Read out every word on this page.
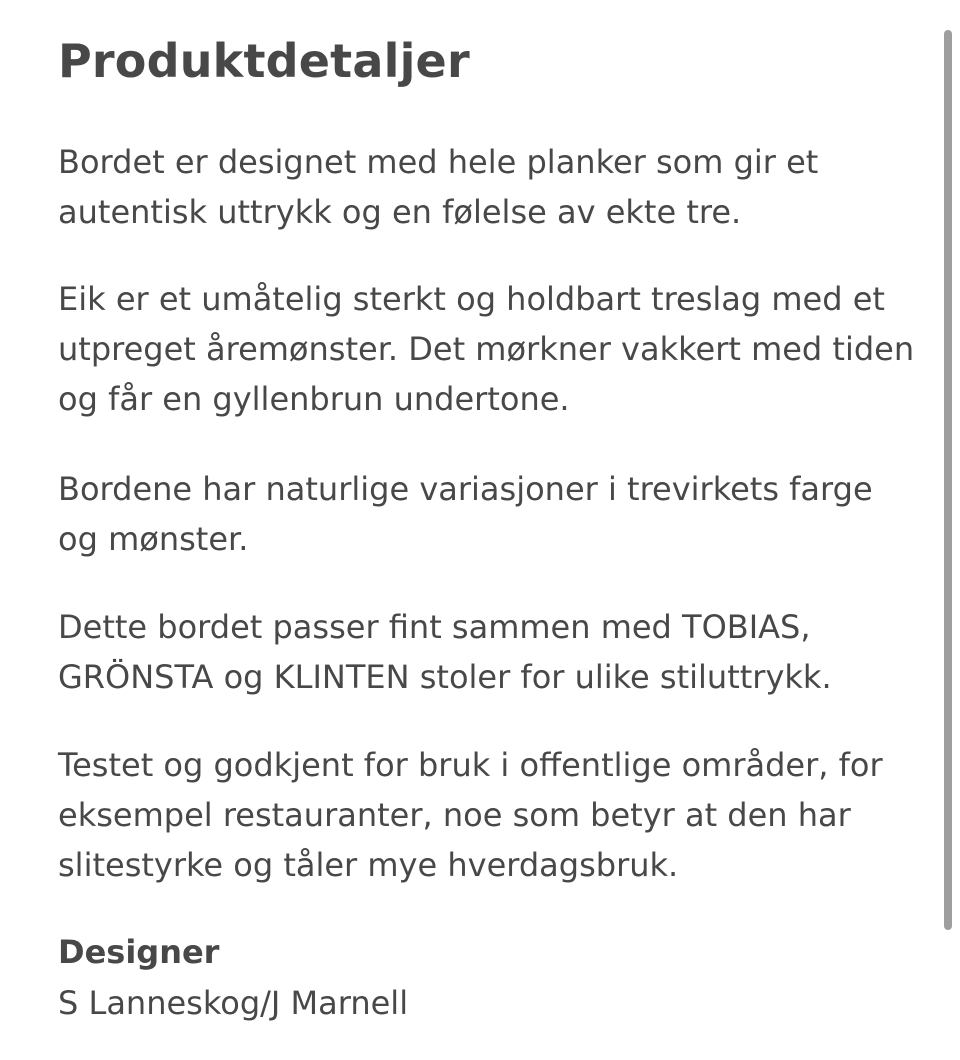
Produktdetaljer

Bordet er designet med hele planker som gir et
autentisk uttrykk og en følelse av ekte tre.

Eik er et umåtelig sterkt og holdbart treslag med et
utpreget åremønster. Det mørkner vakkert med tiden
og får en gyllenbrun undertone.

Bordene har naturlige variasjoner i trevirkets farge
og mønster.

Dette bordet passer fint sammen med TOBIAS,
GRÖNSTA og KLINTEN stoler for ulike stiluttrykk.

Testet og godkjent for bruk i offentlige områder, for
eksempel restauranter, noe som betyr at den har
slitestyrke og tåler mye hverdagsbruk.

Designer

S Lanneskog/J Marnell
